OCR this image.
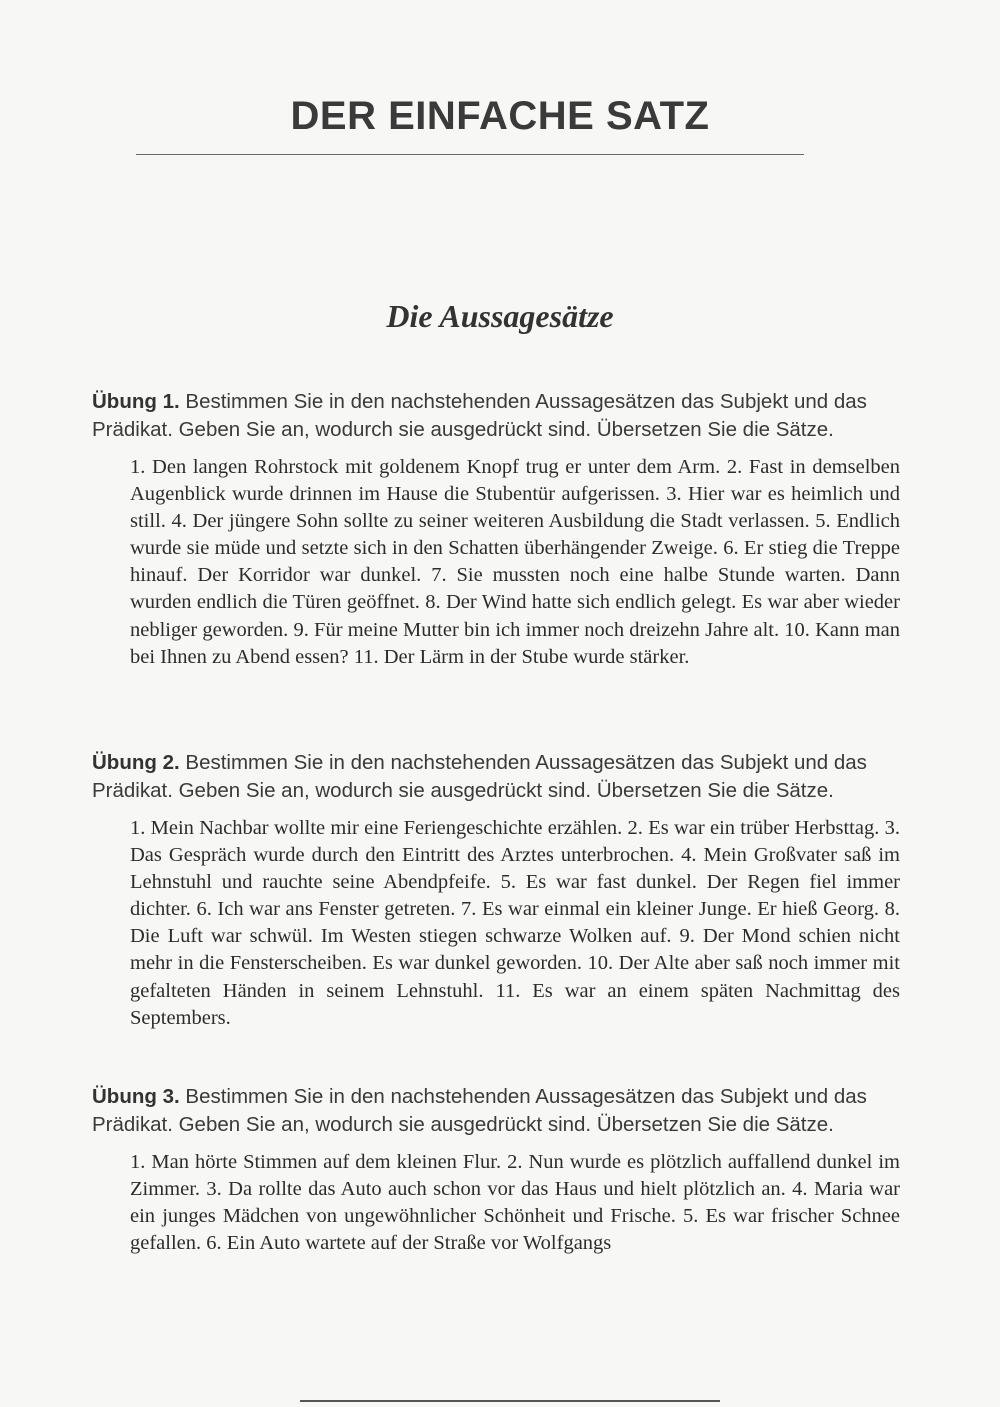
DER EINFACHE SATZ
Die Aussagesätze

Übung 1. Bestimmen Sie in den nachstehenden Aussagesätzen das Subjekt und das Prädikat. Geben Sie an, wodurch sie ausgedrückt sind. Übersetzen Sie die Sätze.

1. Den langen Rohrstock mit goldenem Knopf trug er unter dem Arm. 2. Fast in demselben Augenblick wurde drinnen im Hause die Stubentür aufgerissen. 3. Hier war es heimlich und still. 4. Der jüngere Sohn sollte zu seiner weiteren Ausbildung die Stadt verlassen. 5. Endlich wurde sie müde und setzte sich in den Schatten überhängender Zweige. 6. Er stieg die Treppe hinauf. Der Korridor war dunkel. 7. Sie mussten noch eine halbe Stunde warten. Dann wurden endlich die Türen geöffnet. 8. Der Wind hatte sich endlich gelegt. Es war aber wieder nebliger geworden. 9. Für meine Mutter bin ich immer noch dreizehn Jahre alt. 10. Kann man bei Ihnen zu Abend essen? 11. Der Lärm in der Stube wurde stärker.

Übung 2. Bestimmen Sie in den nachstehenden Aussagesätzen das Subjekt und das Prädikat. Geben Sie an, wodurch sie ausgedrückt sind. Übersetzen Sie die Sätze.

1. Mein Nachbar wollte mir eine Feriengeschichte erzählen. 2. Es war ein trüber Herbsttag. 3. Das Gespräch wurde durch den Eintritt des Arztes unterbrochen. 4. Mein Großvater saß im Lehnstuhl und rauchte seine Abendpfeife. 5. Es war fast dunkel. Der Regen fiel immer dichter. 6. Ich war ans Fenster getreten. 7. Es war einmal ein kleiner Junge. Er hieß Georg. 8. Die Luft war schwül. Im Westen stiegen schwarze Wolken auf. 9. Der Mond schien nicht mehr in die Fensterscheiben. Es war dunkel geworden. 10. Der Alte aber saß noch immer mit gefalteten Händen in seinem Lehnstuhl. 11. Es war an einem späten Nachmittag des Septembers.

Übung 3. Bestimmen Sie in den nachstehenden Aussagesätzen das Subjekt und das Prädikat. Geben Sie an, wodurch sie ausgedrückt sind. Übersetzen Sie die Sätze.

1. Man hörte Stimmen auf dem kleinen Flur. 2. Nun wurde es plötzlich auffallend dunkel im Zimmer. 3. Da rollte das Auto auch schon vor das Haus und hielt plötzlich an. 4. Maria war ein junges Mädchen von ungewöhnlicher Schönheit und Frische. 5. Es war frischer Schnee gefallen. 6. Ein Auto wartete auf der Straße vor Wolfgangs
